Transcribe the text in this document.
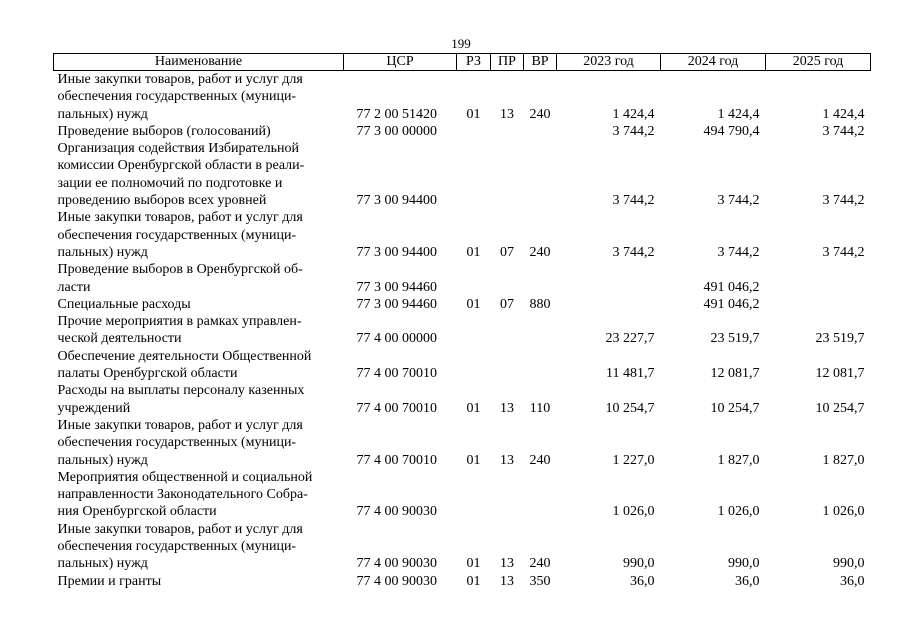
199
Наименование	ЦСР	РЗ	ПР	ВР	2023 год	2024 год	2025 год

Иные закупки товаров, работ и услуг для
обеспечения государственных (муници-
пальных) нужд	77 2 00 51420	01	13	240	1 424,4	1 424,4	1 424,4

Проведение выборов (голосований)	77 3 00 00000				3 744,2	494 790,4	3 744,2

Организация содействия Избирательной
комиссии Оренбургской области в реали-
зации ее полномочий по подготовке и
проведению выборов всех уровней	77 3 00 94400				3 744,2	3 744,2	3 744,2

Иные закупки товаров, работ и услуг для
обеспечения государственных (муници-
пальных) нужд	77 3 00 94400	01	07	240	3 744,2	3 744,2	3 744,2

Проведение выборов в Оренбургской об-
ласти	77 3 00 94460					491 046,2	

Специальные расходы	77 3 00 94460	01	07	880		491 046,2	

Прочие мероприятия в рамках управлен-
ческой деятельности	77 4 00 00000				23 227,7	23 519,7	23 519,7

Обеспечение деятельности Общественной
палаты Оренбургской области	77 4 00 70010				11 481,7	12 081,7	12 081,7

Расходы на выплаты персоналу казенных
учреждений	77 4 00 70010	01	13	110	10 254,7	10 254,7	10 254,7

Иные закупки товаров, работ и услуг для
обеспечения государственных (муници-
пальных) нужд	77 4 00 70010	01	13	240	1 227,0	1 827,0	1 827,0

Мероприятия общественной и социальной
направленности Законодательного Собра-
ния Оренбургской области	77 4 00 90030				1 026,0	1 026,0	1 026,0

Иные закупки товаров, работ и услуг для
обеспечения государственных (муници-
пальных) нужд	77 4 00 90030	01	13	240	990,0	990,0	990,0

Премии и гранты	77 4 00 90030	01	13	350	36,0	36,0	36,0
